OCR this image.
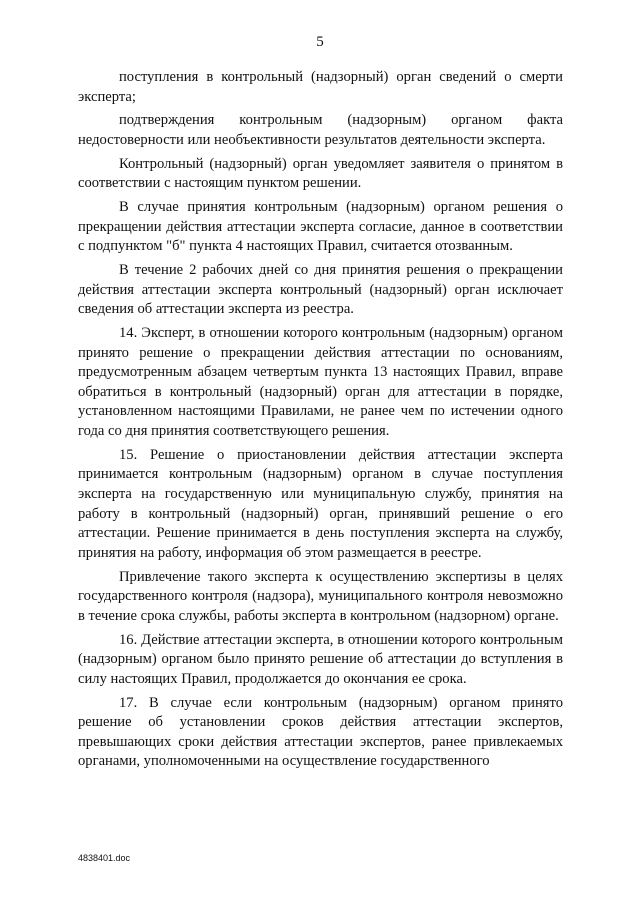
5

поступления в контрольный (надзорный) орган сведений о смерти эксперта;

подтверждения контрольным (надзорным) органом факта недостоверности или необъективности результатов деятельности эксперта.

Контрольный (надзорный) орган уведомляет заявителя о принятом в соответствии с настоящим пунктом решении.

В случае принятия контрольным (надзорным) органом решения о прекращении действия аттестации эксперта согласие, данное в соответствии с подпунктом "б" пункта 4 настоящих Правил, считается отозванным.

В течение 2 рабочих дней со дня принятия решения о прекращении действия аттестации эксперта контрольный (надзорный) орган исключает сведения об аттестации эксперта из реестра.

14. Эксперт, в отношении которого контрольным (надзорным) органом принято решение о прекращении действия аттестации по основаниям, предусмотренным абзацем четвертым пункта 13 настоящих Правил, вправе обратиться в контрольный (надзорный) орган для аттестации в порядке, установленном настоящими Правилами, не ранее чем по истечении одного года со дня принятия соответствующего решения.

15. Решение о приостановлении действия аттестации эксперта принимается контрольным (надзорным) органом в случае поступления эксперта на государственную или муниципальную службу, принятия на работу в контрольный (надзорный) орган, принявший решение о его аттестации. Решение принимается в день поступления эксперта на службу, принятия на работу, информация об этом размещается в реестре.

Привлечение такого эксперта к осуществлению экспертизы в целях государственного контроля (надзора), муниципального контроля невозможно в течение срока службы, работы эксперта в контрольном (надзорном) органе.

16. Действие аттестации эксперта, в отношении которого контрольным (надзорным) органом было принято решение об аттестации до вступления в силу настоящих Правил, продолжается до окончания ее срока.

17. В случае если контрольным (надзорным) органом принято решение об установлении сроков действия аттестации экспертов, превышающих сроки действия аттестации экспертов, ранее привлекаемых органами, уполномоченными на осуществление государственного

4838401.doc
